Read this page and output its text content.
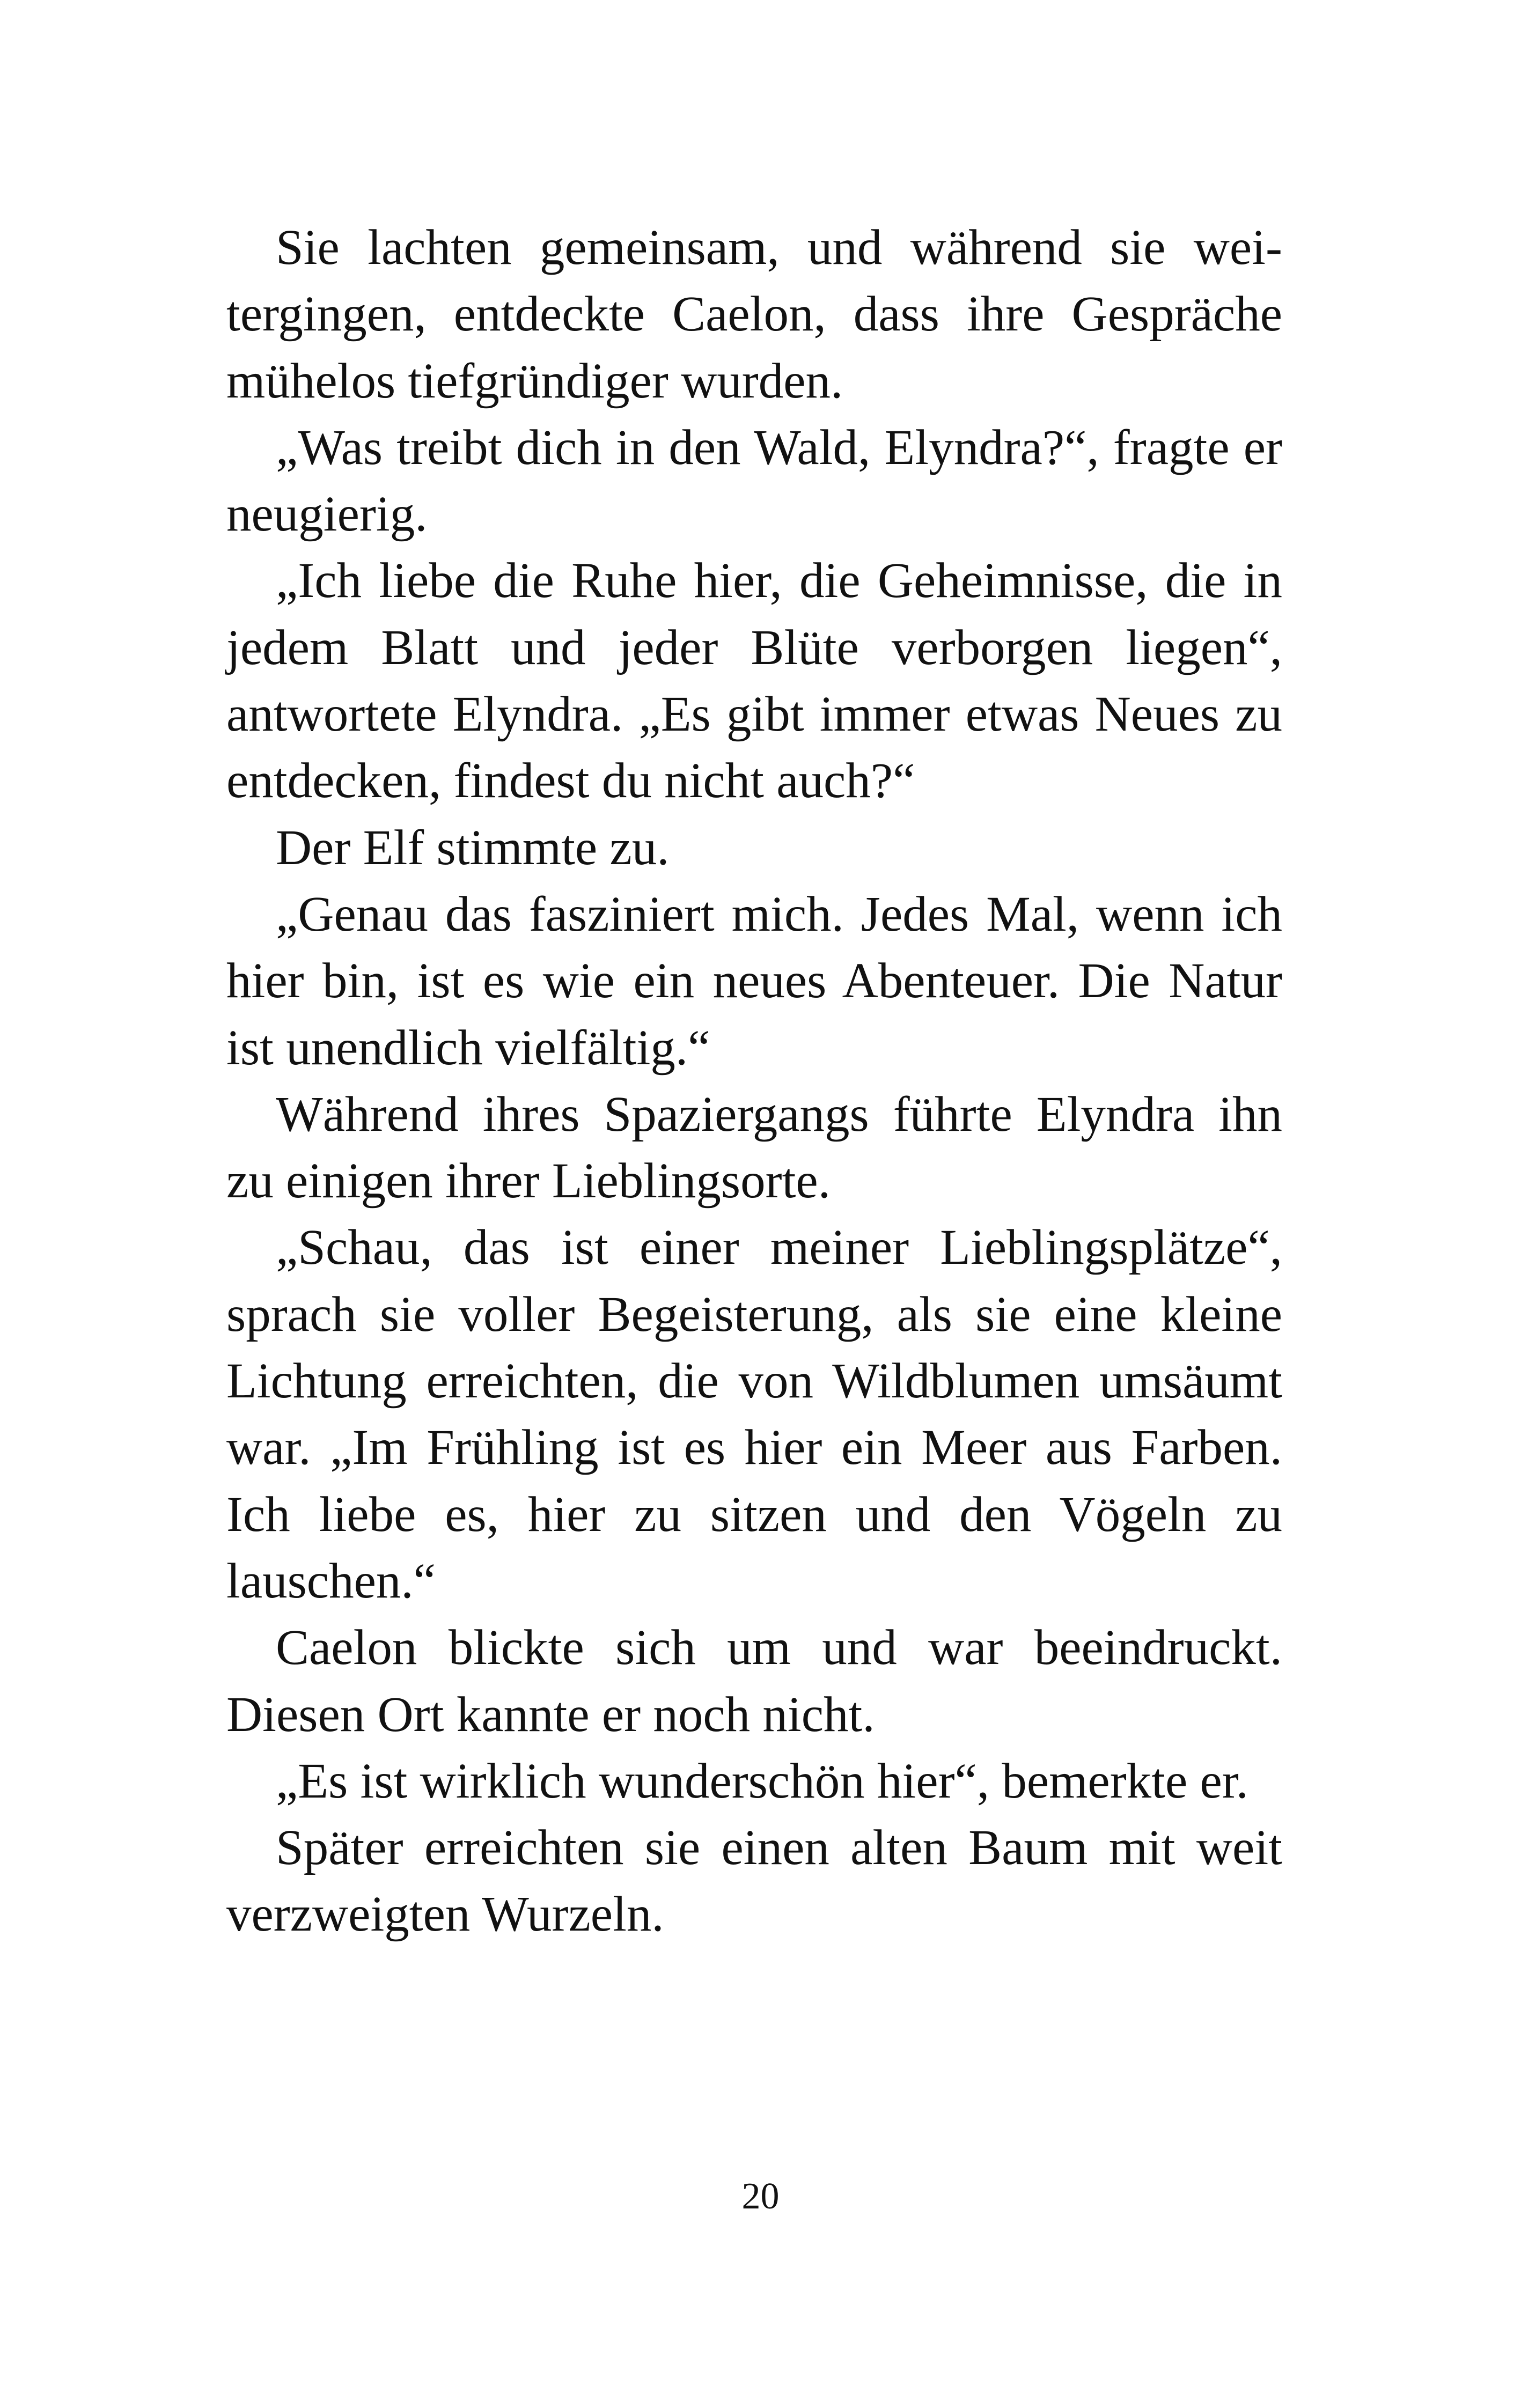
Sie lachten gemeinsam, und während sie weitergingen, entdeckte Caelon, dass ihre Gespräche mühelos tiefgründiger wurden.

„Was treibt dich in den Wald, Elyndra?“, fragte er neugierig.

„Ich liebe die Ruhe hier, die Geheimnisse, die in jedem Blatt und jeder Blüte verborgen liegen“, antwortete Elyndra. „Es gibt immer etwas Neues zu entdecken, findest du nicht auch?“

Der Elf stimmte zu.

„Genau das fasziniert mich. Jedes Mal, wenn ich hier bin, ist es wie ein neues Abenteuer. Die Natur ist unendlich vielfältig.“

Während ihres Spaziergangs führte Elyndra ihn zu einigen ihrer Lieblingsorte.

„Schau, das ist einer meiner Lieblingsplätze“, sprach sie voller Begeisterung, als sie eine kleine Lichtung erreichten, die von Wildblumen umsäumt war. „Im Frühling ist es hier ein Meer aus Farben. Ich liebe es, hier zu sitzen und den Vögeln zu lauschen.“

Caelon blickte sich um und war beeindruckt. Diesen Ort kannte er noch nicht.

„Es ist wirklich wunderschön hier“, bemerkte er.

Später erreichten sie einen alten Baum mit weit verzweigten Wurzeln.

20
